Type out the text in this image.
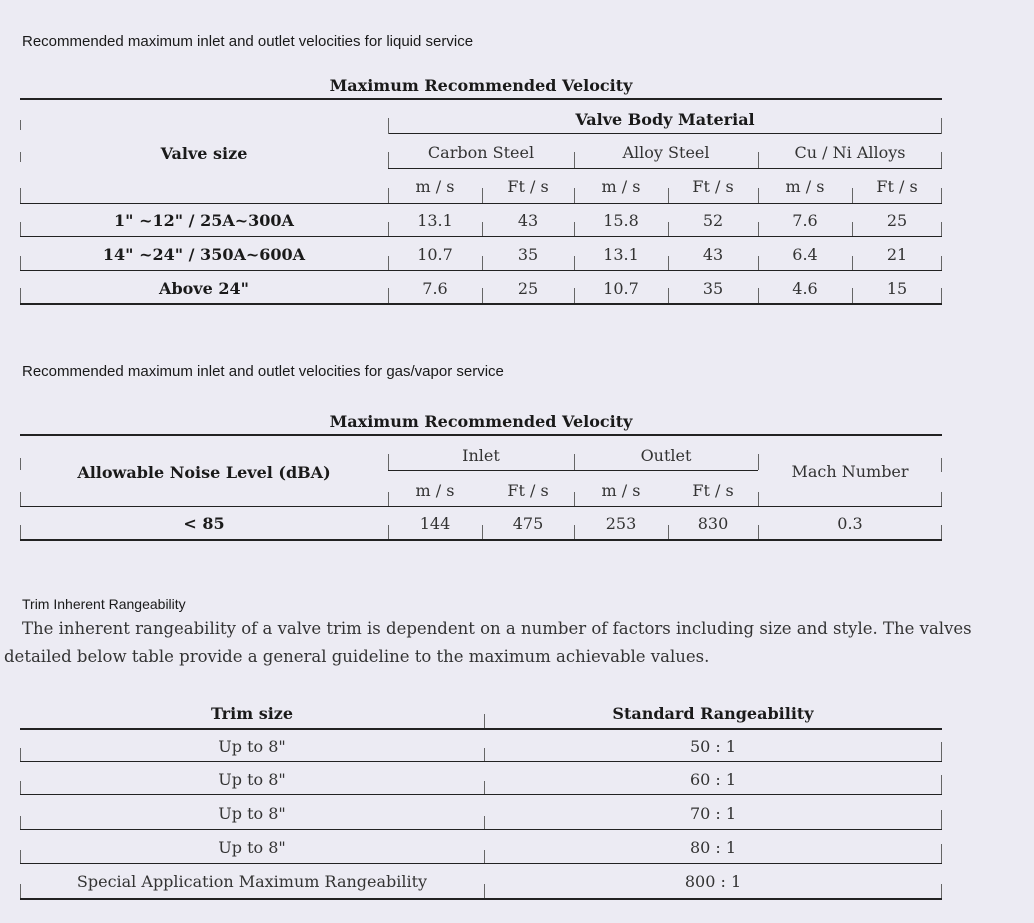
Recommended maximum inlet and outlet velocities for liquid service
Maximum Recommended Velocity
Valve size
Valve Body Material
Carbon Steel	Alloy Steel	Cu / Ni Alloys
m / s	Ft / s	m / s	Ft / s	m / s	Ft / s
1" ~12" / 25A~300A	13.1	43	15.8	52	7.6	25
14" ~24" / 350A~600A	10.7	35	13.1	43	6.4	21
Above 24"	7.6	25	10.7	35	4.6	15
Recommended maximum inlet and outlet velocities for gas/vapor service
Maximum Recommended Velocity
Allowable Noise Level (dBA)
Inlet	Outlet
Mach Number
m / s	Ft / s	m / s	Ft / s
< 85	144	475	253	830	0.3
Trim Inherent Rangeability
The inherent rangeability of a valve trim is dependent on a number of factors including size and style. The valves
detailed below table provide a general guideline to the maximum achievable values.
Trim size	Standard Rangeability
Up to 8"	50 : 1
Up to 8"	60 : 1
Up to 8"	70 : 1
Up to 8"	80 : 1
Special Application Maximum Rangeability	800 : 1
